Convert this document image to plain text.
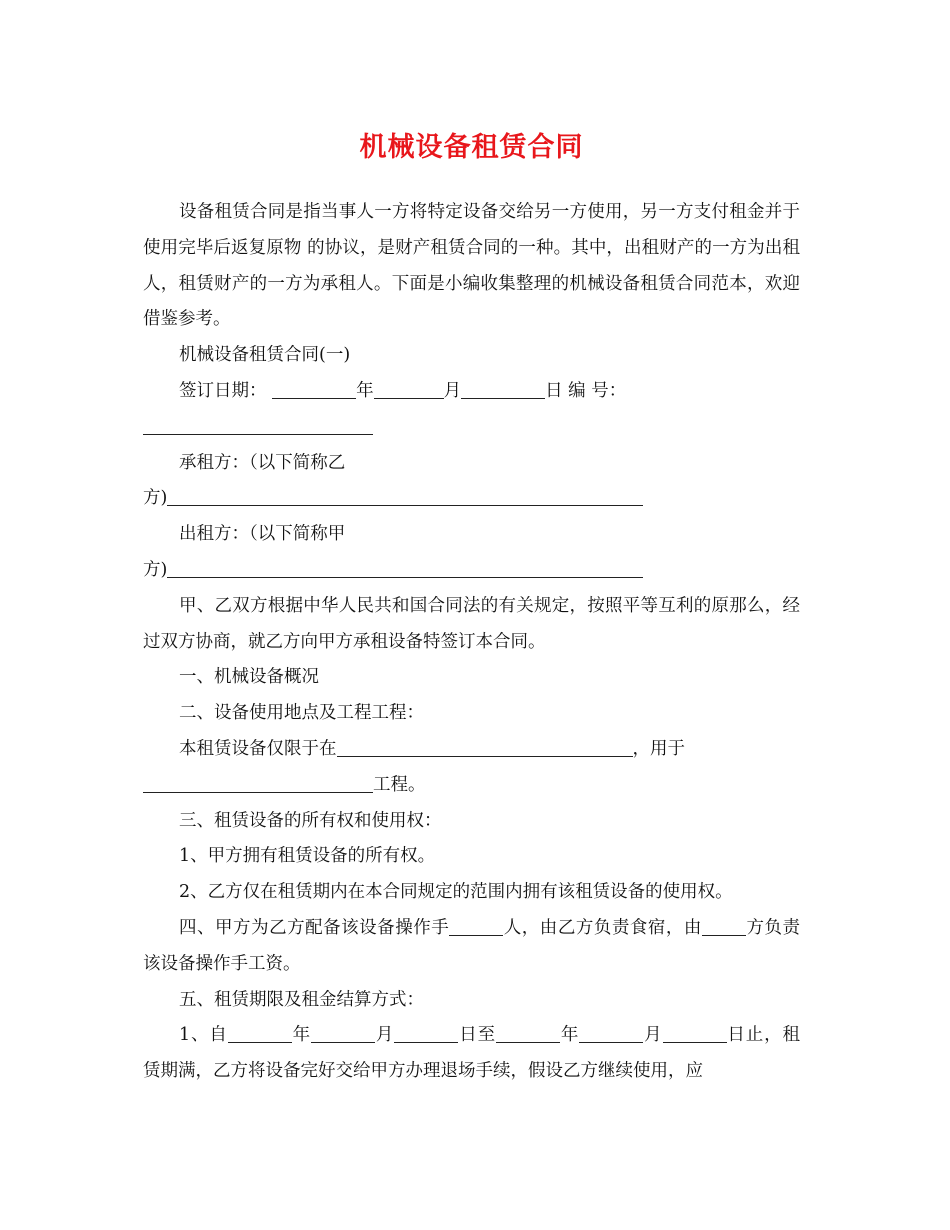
机械设备租赁合同

设备租赁合同是指当事人一方将特定设备交给另一方使用，另一方支付租金并于使用完毕后返复原物 的协议，是财产租赁合同的一种。其中，出租财产的一方为出租人，租赁财产的一方为承租人。下面是小编收集整理的机械设备租赁合同范本，欢迎借鉴参考。

机械设备租赁合同(一)

签订日期：	年	月	日 编 号：

承租方：（以下简称乙

方)

出租方：（以下简称甲

方)

甲、乙双方根据中华人民共和国合同法的有关规定，按照平等互利的原那么，经过双方协商，就乙方向甲方承租设备特签订本合同。

一、机械设备概况

二、设备使用地点及工程工程：

本租赁设备仅限于在	，用于

工程。

三、租赁设备的所有权和使用权：

1、甲方拥有租赁设备的所有权。

2、乙方仅在租赁期内在本合同规定的范围内拥有该租赁设备的使用权。

四、甲方为乙方配备该设备操作手	人，由乙方负责食宿，由	方负责该设备操作手工资。

五、租赁期限及租金结算方式：

1、自	年	月	日至	年	月	日止，租赁期满，乙方将设备完好交给甲方办理退场手续，假设乙方继续使用，应
